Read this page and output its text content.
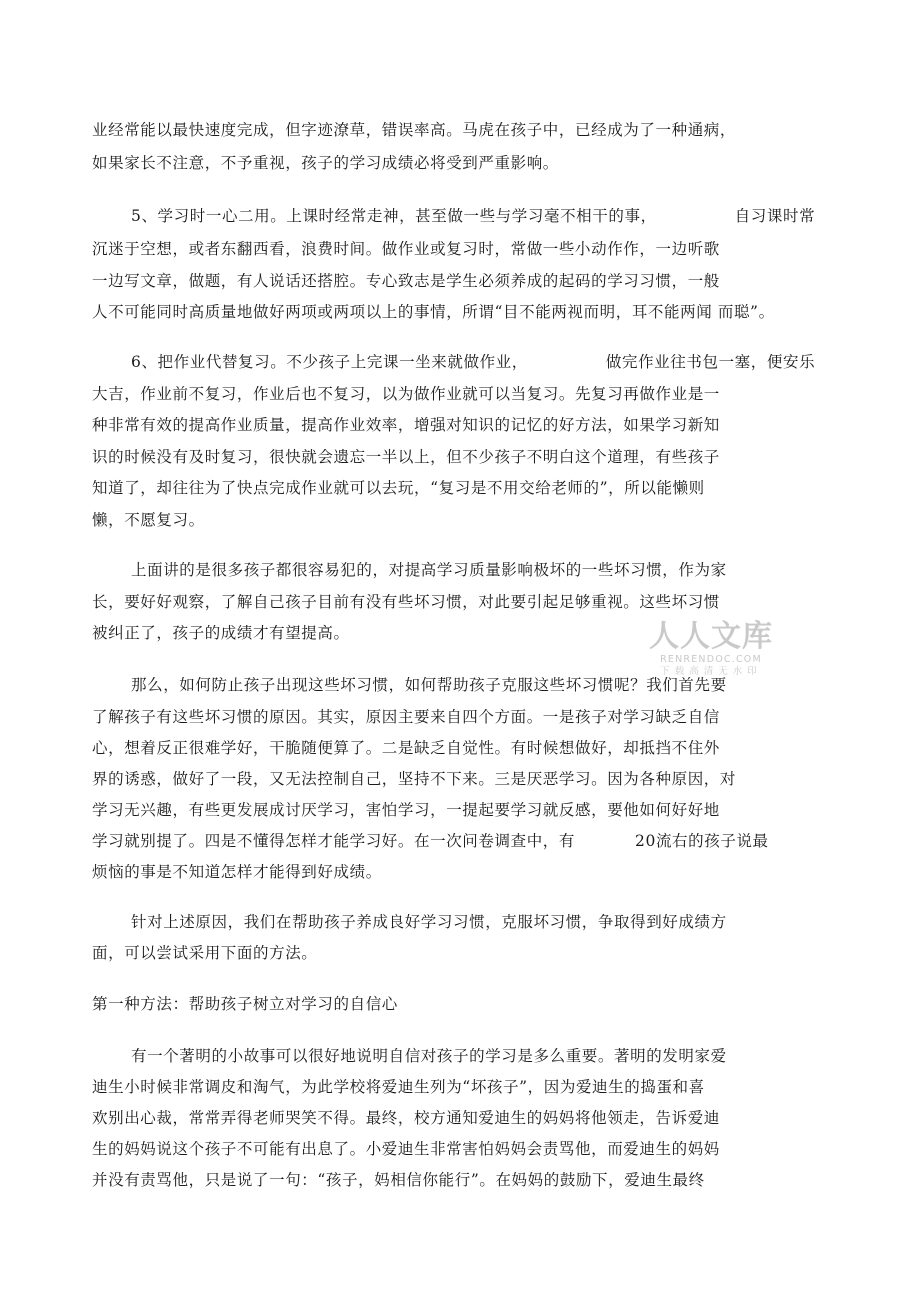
业经常能以最快速度完成，但字迹潦草，错误率高。马虎在孩子中，已经成为了一种通病，
如果家长不注意，不予重视，孩子的学习成绩必将受到严重影响。
5、学习时一心二用。上课时经常走神，甚至做一些与学习毫不相干的事，	自习课时常
沉迷于空想，或者东翻西看，浪费时间。做作业或复习时，常做一些小动作作，一边听歌
一边写文章，做题，有人说话还搭腔。专心致志是学生必须养成的起码的学习习惯，一般
人不可能同时高质量地做好两项或两项以上的事情，所谓“目不能两视而明，耳不能两闻 而聪”。
6、把作业代替复习。不少孩子上完课一坐来就做作业，	做完作业往书包一塞，便安乐
大吉，作业前不复习，作业后也不复习，以为做作业就可以当复习。先复习再做作业是一
种非常有效的提高作业质量，提高作业效率，增强对知识的记忆的好方法，如果学习新知
识的时候没有及时复习，很快就会遗忘一半以上，但不少孩子不明白这个道理，有些孩子
知道了，却往往为了快点完成作业就可以去玩，“复习是不用交给老师的”，所以能懒则
懒，不愿复习。
上面讲的是很多孩子都很容易犯的，对提高学习质量影响极坏的一些坏习惯，作为家
长，要好好观察，了解自己孩子目前有没有些坏习惯，对此要引起足够重视。这些坏习惯
被纠正了，孩子的成绩才有望提高。
那么，如何防止孩子出现这些坏习惯，如何帮助孩子克服这些坏习惯呢？我们首先要
了解孩子有这些坏习惯的原因。其实，原因主要来自四个方面。一是孩子对学习缺乏自信
心，想着反正很难学好，干脆随便算了。二是缺乏自觉性。有时候想做好，却抵挡不住外
界的诱惑，做好了一段，又无法控制自己，坚持不下来。三是厌恶学习。因为各种原因，对
学习无兴趣，有些更发展成讨厌学习，害怕学习，一提起要学习就反感，要他如何好好地
学习就别提了。四是不懂得怎样才能学习好。在一次问卷调查中，有	20流右的孩子说最
烦恼的事是不知道怎样才能得到好成绩。
针对上述原因，我们在帮助孩子养成良好学习习惯，克服坏习惯，争取得到好成绩方
面，可以尝试采用下面的方法。
第一种方法：帮助孩子树立对学习的自信心
有一个著明的小故事可以很好地说明自信对孩子的学习是多么重要。著明的发明家爱
迪生小时候非常调皮和淘气，为此学校将爱迪生列为“坏孩子”，因为爱迪生的捣蛋和喜
欢别出心裁，常常弄得老师哭笑不得。最终，校方通知爱迪生的妈妈将他领走，告诉爱迪
生的妈妈说这个孩子不可能有出息了。小爱迪生非常害怕妈妈会责骂他，而爱迪生的妈妈
并没有责骂他，只是说了一句：“孩子，妈相信你能行”。在妈妈的鼓励下，爱迪生最终
人人文库
RENRENDOC.COM
下载高清无水印
